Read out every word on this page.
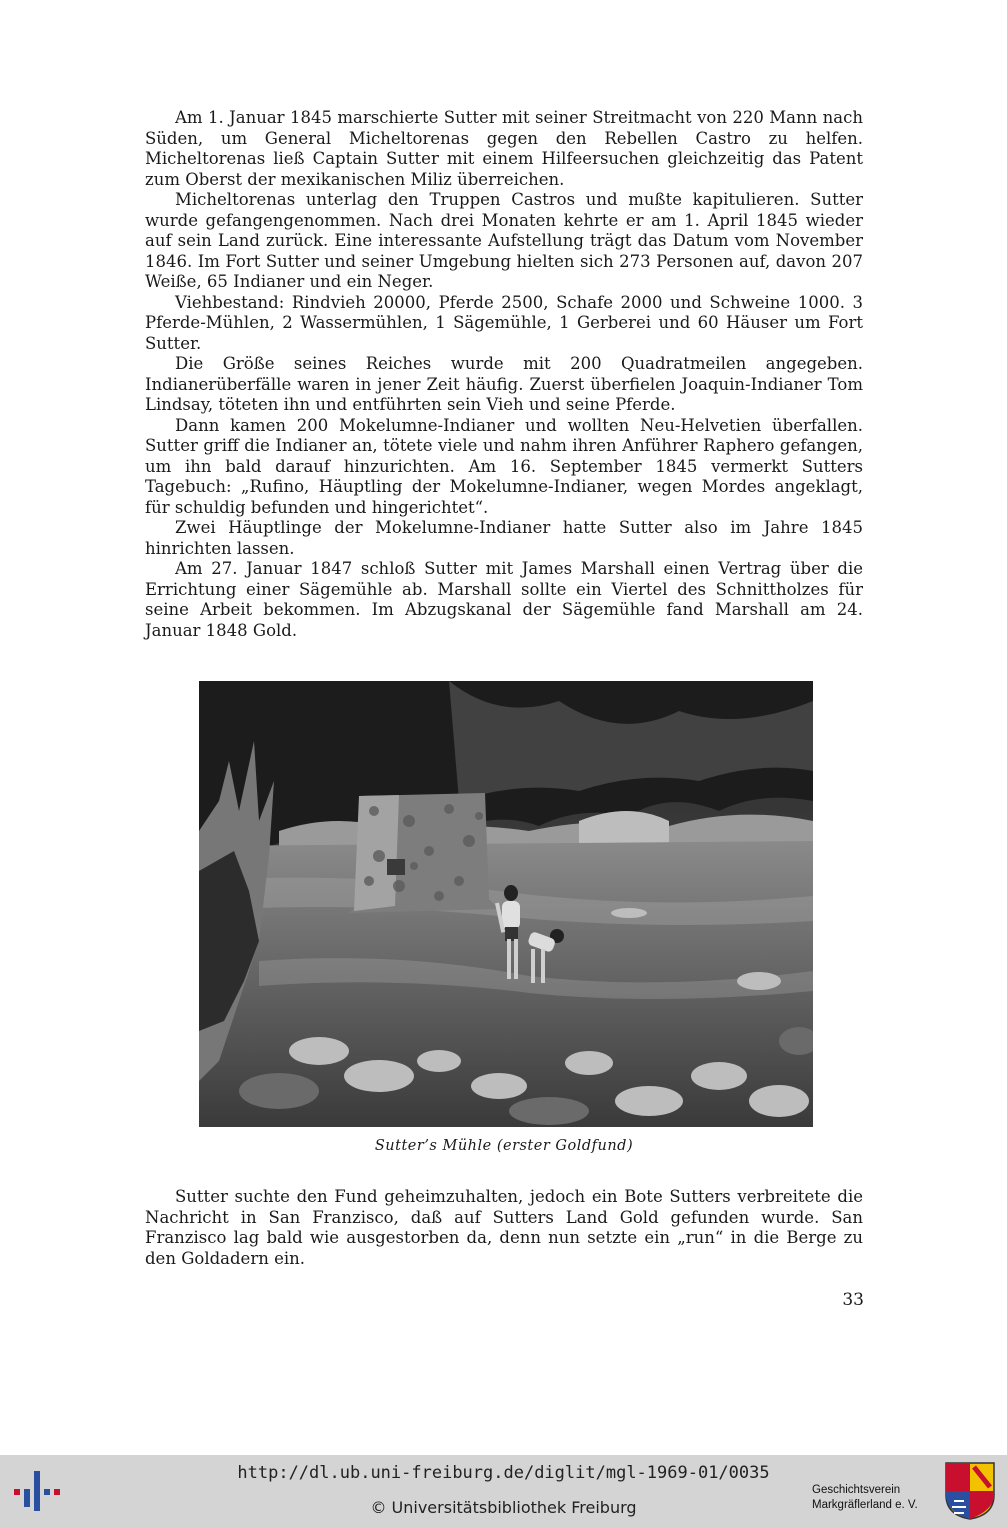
Am 1. Januar 1845 marschierte Sutter mit seiner Streitmacht von 220 Mann nach Süden, um General Micheltorenas gegen den Rebellen Castro zu helfen. Micheltorenas ließ Captain Sutter mit einem Hilfeersuchen gleichzeitig das Patent zum Oberst der mexikanischen Miliz überreichen.

Micheltorenas unterlag den Truppen Castros und mußte kapitulieren. Sutter wurde gefangengenommen. Nach drei Monaten kehrte er am 1. April 1845 wieder auf sein Land zurück. Eine interessante Aufstellung trägt das Datum vom November 1846. Im Fort Sutter und seiner Umgebung hielten sich 273 Personen auf, davon 207 Weiße, 65 Indianer und ein Neger.

Viehbestand: Rindvieh 20000, Pferde 2500, Schafe 2000 und Schweine 1000. 3 Pferde-Mühlen, 2 Wassermühlen, 1 Sägemühle, 1 Gerberei und 60 Häuser um Fort Sutter.

Die Größe seines Reiches wurde mit 200 Quadratmeilen angegeben. Indianerüberfälle waren in jener Zeit häufig. Zuerst überfielen Joaquin-Indianer Tom Lindsay, töteten ihn und entführten sein Vieh und seine Pferde.

Dann kamen 200 Mokelumne-Indianer und wollten Neu-Helvetien überfallen. Sutter griff die Indianer an, tötete viele und nahm ihren Anführer Raphero gefangen, um ihn bald darauf hinzurichten. Am 16. September 1845 vermerkt Sutters Tagebuch: „Rufino, Häuptling der Mokelumne-Indianer, wegen Mordes angeklagt, für schuldig befunden und hingerichtet“.

Zwei Häuptlinge der Mokelumne-Indianer hatte Sutter also im Jahre 1845 hinrichten lassen.

Am 27. Januar 1847 schloß Sutter mit James Marshall einen Vertrag über die Errichtung einer Sägemühle ab. Marshall sollte ein Viertel des Schnittholzes für seine Arbeit bekommen. Im Abzugskanal der Sägemühle fand Marshall am 24. Januar 1848 Gold.

Sutter’s Mühle (erster Goldfund)

Sutter suchte den Fund geheimzuhalten, jedoch ein Bote Sutters verbreitete die Nachricht in San Franzisco, daß auf Sutters Land Gold gefunden wurde. San Franzisco lag bald wie ausgestorben da, denn nun setzte ein „run“ in die Berge zu den Goldadern ein.

33
http://dl.ub.uni-freiburg.de/diglit/mgl-1969-01/0035
© Universitätsbibliothek Freiburg
Geschichtsverein
Markgräflerland e. V.
